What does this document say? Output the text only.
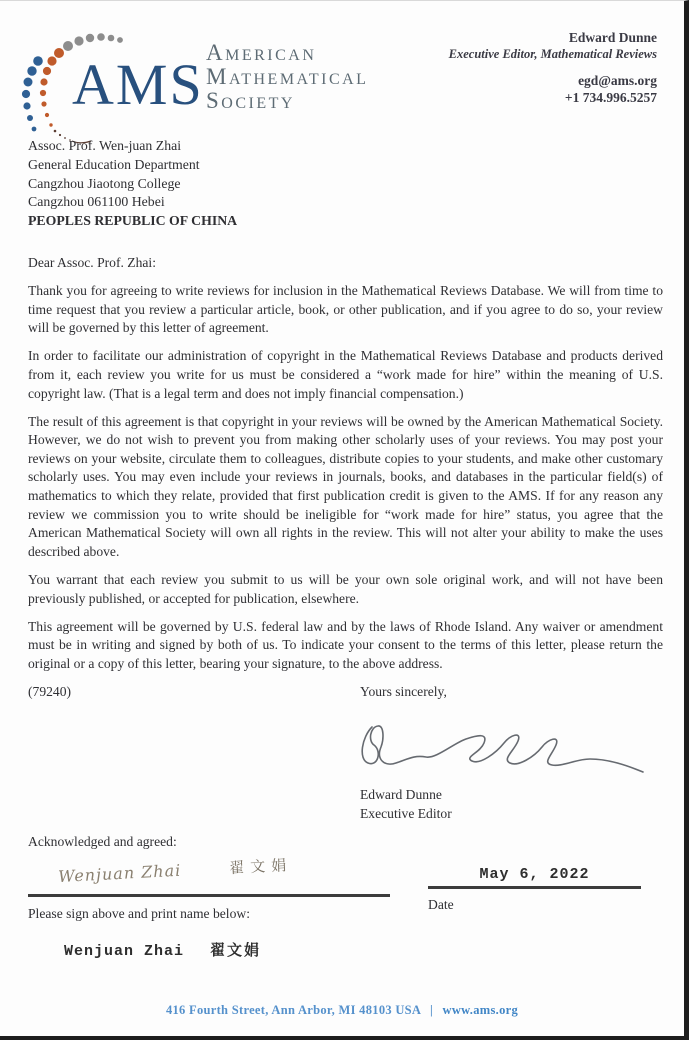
AMS American
Mathematical
Society
Edward Dunne
Executive Editor, Mathematical Reviews
egd@ams.org
+1 734.996.5257
Assoc. Prof. Wen-juan Zhai
General Education Department
Cangzhou Jiaotong College
Cangzhou 061100 Hebei
PEOPLES REPUBLIC OF CHINA

Dear Assoc. Prof. Zhai:

Thank you for agreeing to write reviews for inclusion in the Mathematical Reviews Database. We will from time to time request that you review a particular article, book, or other publication, and if you agree to do so, your review will be governed by this letter of agreement.

In order to facilitate our administration of copyright in the Mathematical Reviews Database and products derived from it, each review you write for us must be considered a “work made for hire” within the meaning of U.S. copyright law. (That is a legal term and does not imply financial compensation.)

The result of this agreement is that copyright in your reviews will be owned by the American Mathematical Society. However, we do not wish to prevent you from making other scholarly uses of your reviews. You may post your reviews on your website, circulate them to colleagues, distribute copies to your students, and make other customary scholarly uses. You may even include your reviews in journals, books, and databases in the particular field(s) of mathematics to which they relate, provided that first publication credit is given to the AMS. If for any reason any review we commission you to write should be ineligible for “work made for hire” status, you agree that the American Mathematical Society will own all rights in the review. This will not alter your ability to make the uses described above.

You warrant that each review you submit to us will be your own sole original work, and will not have been previously published, or accepted for publication, elsewhere.

This agreement will be governed by U.S. federal law and by the laws of Rhode Island. Any waiver or amendment must be in writing and signed by both of us. To indicate your consent to the terms of this letter, please return the original or a copy of this letter, bearing your signature, to the above address.

(79240)	Yours sincerely,
Edward Dunne
Executive Editor
Acknowledged and agreed:
Wenjuan Zhai	翟文娟
Please sign above and print name below:
Wenjuan Zhai 翟文娟
May 6, 2022
Date
416 Fourth Street, Ann Arbor, MI 48103 USA | www.ams.org
